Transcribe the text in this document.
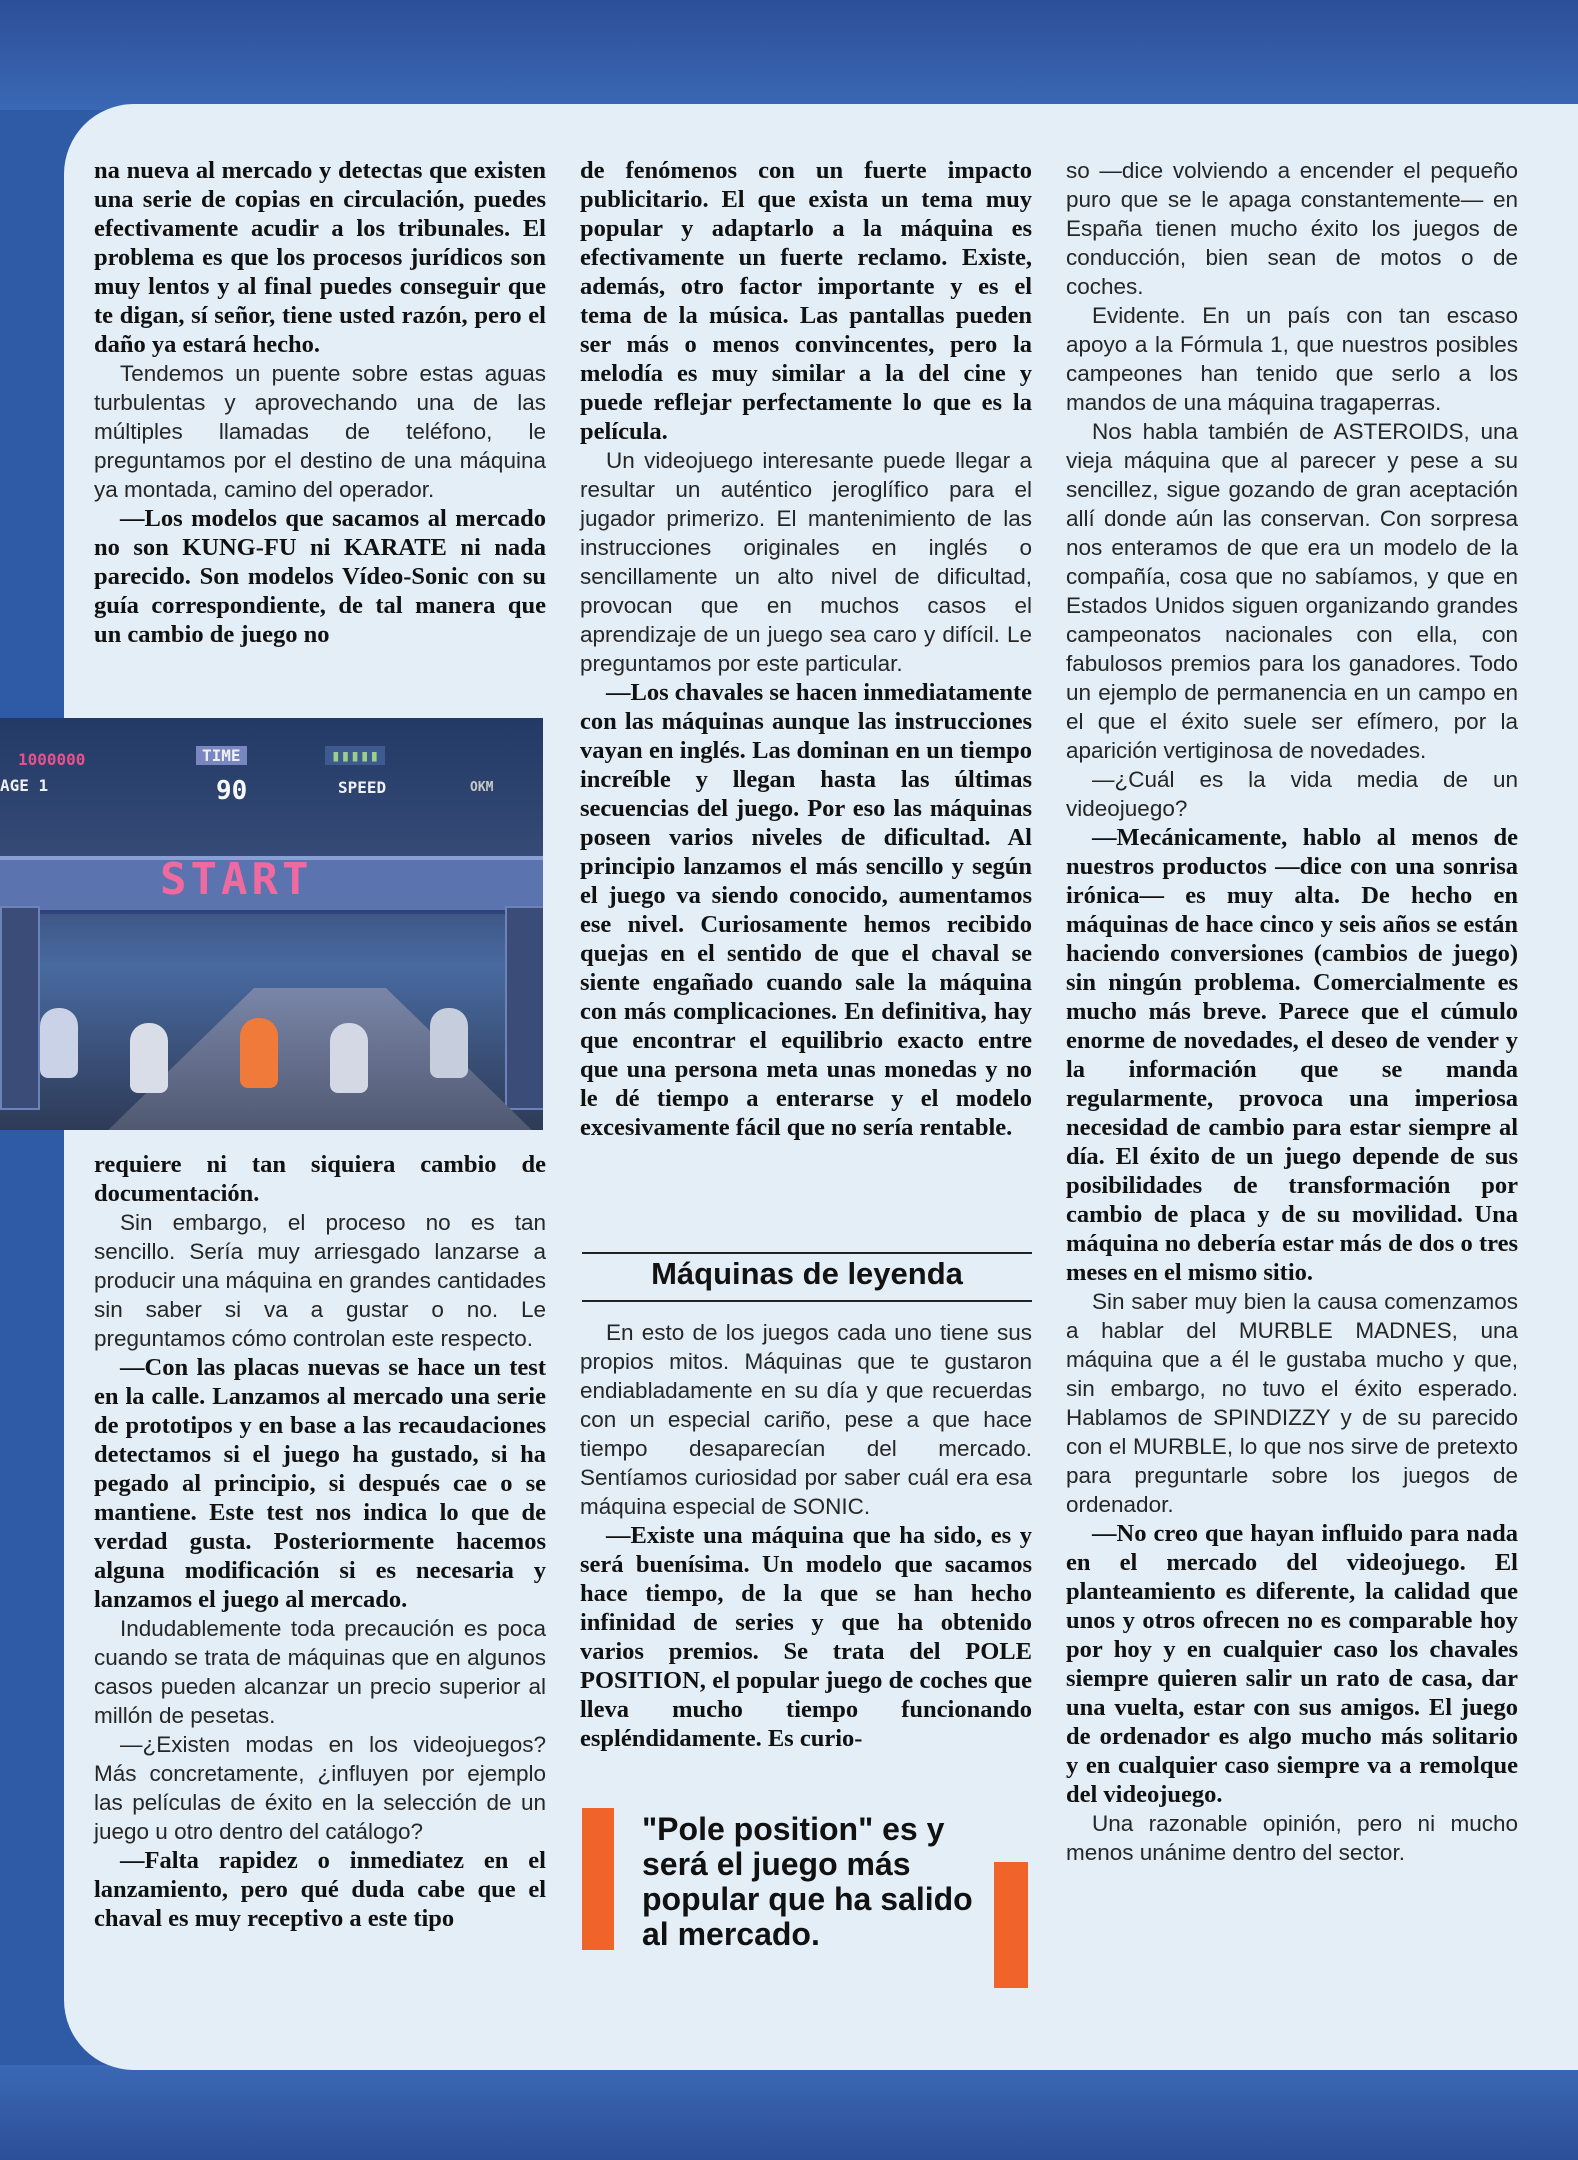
na nueva al mercado y detectas que existen una serie de copias en circulación, puedes efectivamente acudir a los tribunales. El problema es que los procesos jurídicos son muy lentos y al final puedes conseguir que te digan, sí señor, tiene usted razón, pero el daño ya estará hecho.

Tendemos un puente sobre estas aguas turbulentas y aprovechando una de las múltiples llamadas de teléfono, le preguntamos por el destino de una máquina ya montada, camino del operador.

—Los modelos que sacamos al mercado no son KUNG-FU ni KARATE ni nada parecido. Son modelos Vídeo-Sonic con su guía correspondiente, de tal manera que un cambio de juego no

1000000	TIME	▮▮▮▮▮
AGE 1	90	SPEED	OKM
START

requiere ni tan siquiera cambio de documentación.

Sin embargo, el proceso no es tan sencillo. Sería muy arriesgado lanzarse a producir una máquina en grandes cantidades sin saber si va a gustar o no. Le preguntamos cómo controlan este respecto.

—Con las placas nuevas se hace un test en la calle. Lanzamos al mercado una serie de prototipos y en base a las recaudaciones detectamos si el juego ha gustado, si ha pegado al principio, si después cae o se mantiene. Este test nos indica lo que de verdad gusta. Posteriormente hacemos alguna modificación si es necesaria y lanzamos el juego al mercado.

Indudablemente toda precaución es poca cuando se trata de máquinas que en algunos casos pueden alcanzar un precio superior al millón de pesetas.

—¿Existen modas en los videojuegos? Más concretamente, ¿influyen por ejemplo las películas de éxito en la selección de un juego u otro dentro del catálogo?

—Falta rapidez o inmediatez en el lanzamiento, pero qué duda cabe que el chaval es muy receptivo a este tipo

de fenómenos con un fuerte impacto publicitario. El que exista un tema muy popular y adaptarlo a la máquina es efectivamente un fuerte reclamo. Existe, además, otro factor importante y es el tema de la música. Las pantallas pueden ser más o menos convincentes, pero la melodía es muy similar a la del cine y puede reflejar perfectamente lo que es la película.

Un videojuego interesante puede llegar a resultar un auténtico jeroglífico para el jugador primerizo. El mantenimiento de las instrucciones originales en inglés o sencillamente un alto nivel de dificultad, provocan que en muchos casos el aprendizaje de un juego sea caro y difícil. Le preguntamos por este particular.

—Los chavales se hacen inmediatamente con las máquinas aunque las instrucciones vayan en inglés. Las dominan en un tiempo increíble y llegan hasta las últimas secuencias del juego. Por eso las máquinas poseen varios niveles de dificultad. Al principio lanzamos el más sencillo y según el juego va siendo conocido, aumentamos ese nivel. Curiosamente hemos recibido quejas en el sentido de que el chaval se siente engañado cuando sale la máquina con más complicaciones. En definitiva, hay que encontrar el equilibrio exacto entre que una persona meta unas monedas y no le dé tiempo a enterarse y el modelo excesivamente fácil que no sería rentable.

Máquinas de leyenda

En esto de los juegos cada uno tiene sus propios mitos. Máquinas que te gustaron endiabladamente en su día y que recuerdas con un especial cariño, pese a que hace tiempo desaparecían del mercado. Sentíamos curiosidad por saber cuál era esa máquina especial de SONIC.

—Existe una máquina que ha sido, es y será buenísima. Un modelo que sacamos hace tiempo, de la que se han hecho infinidad de series y que ha obtenido varios premios. Se trata del POLE POSITION, el popular juego de coches que lleva mucho tiempo funcionando espléndidamente. Es curio-

"Pole position" es y será el juego más popular que ha salido al mercado.

so —dice volviendo a encender el pequeño puro que se le apaga constantemente— en España tienen mucho éxito los juegos de conducción, bien sean de motos o de coches.

Evidente. En un país con tan escaso apoyo a la Fórmula 1, que nuestros posibles campeones han tenido que serlo a los mandos de una máquina tragaperras.

Nos habla también de ASTEROIDS, una vieja máquina que al parecer y pese a su sencillez, sigue gozando de gran aceptación allí donde aún las conservan. Con sorpresa nos enteramos de que era un modelo de la compañía, cosa que no sabíamos, y que en Estados Unidos siguen organizando grandes campeonatos nacionales con ella, con fabulosos premios para los ganadores. Todo un ejemplo de permanencia en un campo en el que el éxito suele ser efímero, por la aparición vertiginosa de novedades.

—¿Cuál es la vida media de un videojuego?

—Mecánicamente, hablo al menos de nuestros productos —dice con una sonrisa irónica— es muy alta. De hecho en máquinas de hace cinco y seis años se están haciendo conversiones (cambios de juego) sin ningún problema. Comercialmente es mucho más breve. Parece que el cúmulo enorme de novedades, el deseo de vender y la información que se manda regularmente, provoca una imperiosa necesidad de cambio para estar siempre al día. El éxito de un juego depende de sus posibilidades de transformación por cambio de placa y de su movilidad. Una máquina no debería estar más de dos o tres meses en el mismo sitio.

Sin saber muy bien la causa comenzamos a hablar del MURBLE MADNES, una máquina que a él le gustaba mucho y que, sin embargo, no tuvo el éxito esperado. Hablamos de SPINDIZZY y de su parecido con el MURBLE, lo que nos sirve de pretexto para preguntarle sobre los juegos de ordenador.

—No creo que hayan influido para nada en el mercado del videojuego. El planteamiento es diferente, la calidad que unos y otros ofrecen no es comparable hoy por hoy y en cualquier caso los chavales siempre quieren salir un rato de casa, dar una vuelta, estar con sus amigos. El juego de ordenador es algo mucho más solitario y en cualquier caso siempre va a remolque del videojuego.

Una razonable opinión, pero ni mucho menos unánime dentro del sector.
